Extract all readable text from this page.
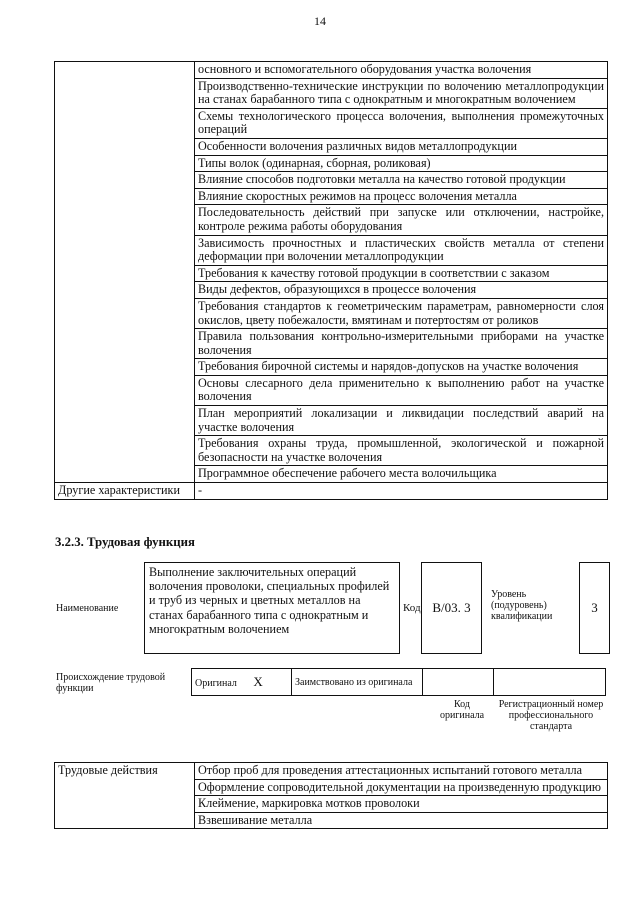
14
	основного и вспомогательного оборудования участка волочения
	Производственно-технические инструкции по волочению металлопродукции на станах барабанного типа с однократным и многократным волочением
	Схемы технологического процесса волочения, выполнения промежуточных операций
	Особенности волочения различных видов металлопродукции
	Типы волок (одинарная, сборная, роликовая)
	Влияние способов подготовки металла на качество готовой продукции
	Влияние скоростных режимов на процесс волочения металла
	Последовательность действий при запуске или отключении, настройке, контроле режима работы оборудования
	Зависимость прочностных и пластических свойств металла от степени деформации при волочении металлопродукции
	Требования к качеству готовой продукции в соответствии с заказом
	Виды дефектов, образующихся в процессе волочения
	Требования стандартов к геометрическим параметрам, равномерности слоя окислов, цвету побежалости, вмятинам и потертостям от роликов
	Правила пользования контрольно-измерительными приборами на участке волочения
	Требования бирочной системы и нарядов-допусков на участке волочения
	Основы слесарного дела применительно к выполнению работ на участке волочения
	План мероприятий локализации и ликвидации последствий аварий на участке волочения
	Требования охраны труда, промышленной, экологической и пожарной безопасности на участке волочения
	Программное обеспечение рабочего места волочильщика
Другие характеристики	-
3.2.3. Трудовая функция
Наименование
Выполнение заключительных операций волочения проволоки, специальных профилей и труб из черных и цветных металлов на станах барабанного типа с однократным и многократным волочением
Код B/03. 3
Уровень (подуровень) квалификации
3
Происхождение трудовой функции	Оригинал X	Заимствовано из оригинала		
Код оригинала
Регистрационный номер профессионального стандарта
Трудовые действия	Отбор проб для проведения аттестационных испытаний готового металла
Оформление сопроводительной документации на произведенную продукцию
Клеймение, маркировка мотков проволоки
Взвешивание металла
